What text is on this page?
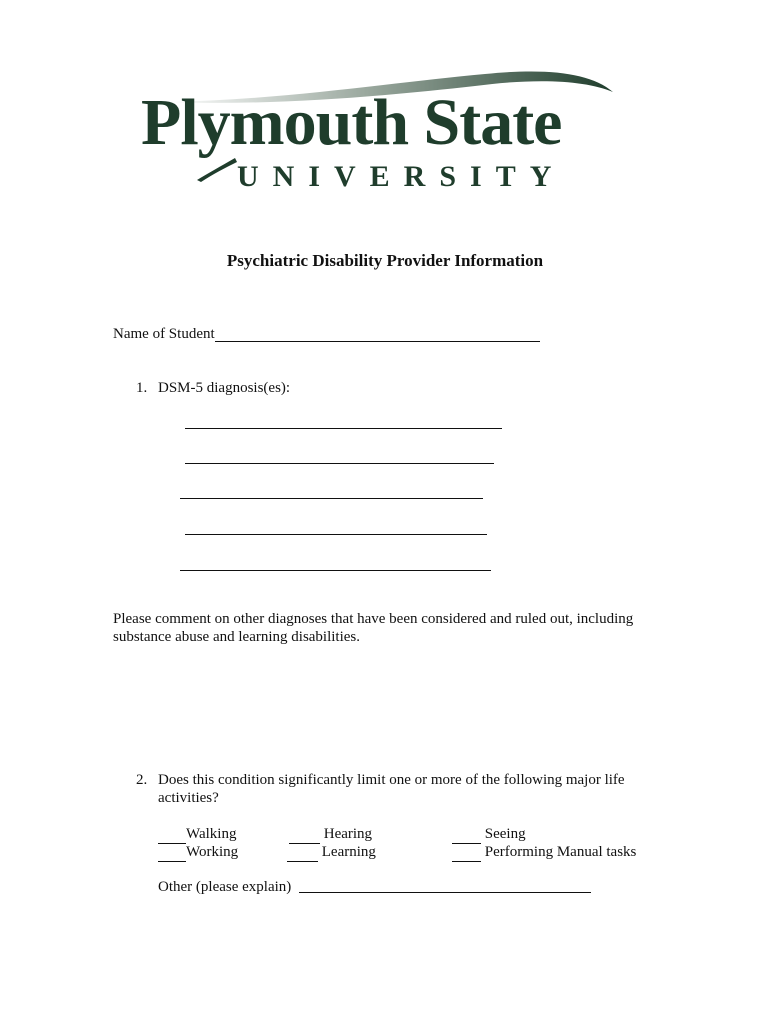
Plymouth State
UNIVERSITY
Psychiatric Disability Provider Information
Name of Student
1. DSM-5 diagnosis(es):
Please comment on other diagnoses that have been considered and ruled out, including
substance abuse and learning disabilities.
2. Does this condition significantly limit one or more of the following major life
activities?
Walking	Hearing	Seeing
Working	Learning	Performing Manual tasks
Other (please explain)
